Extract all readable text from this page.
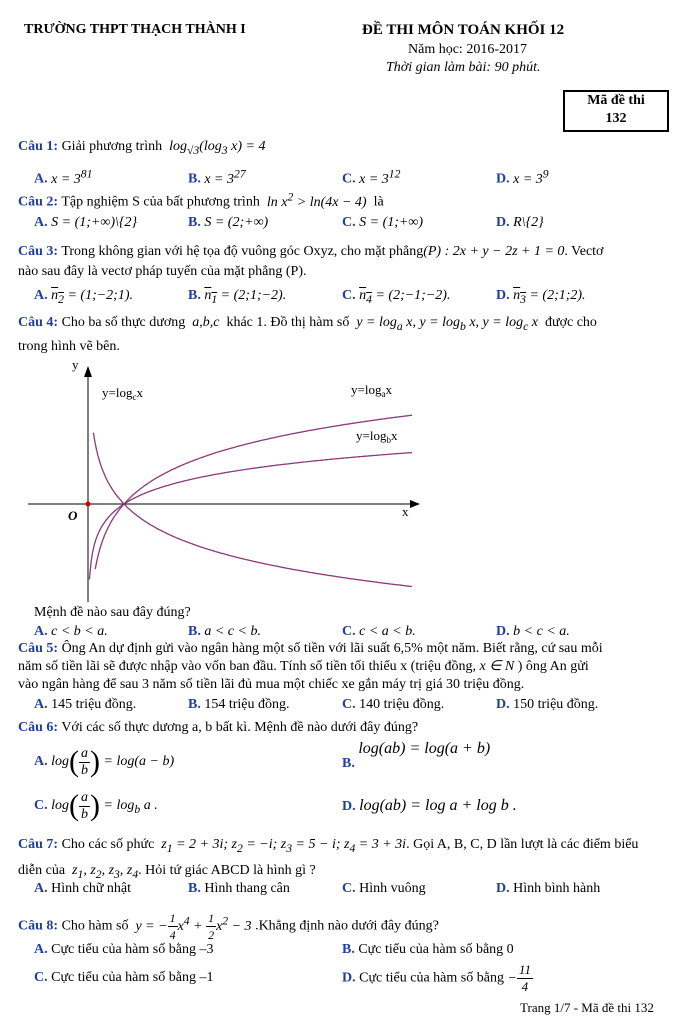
TRƯỜNG THPT THẠCH THÀNH I	ĐỀ THI MÔN TOÁN KHỐI 12
Năm học: 2016-2017
Thời gian làm bài: 90 phút.
Mã đề thi
132
Câu 1: Giải phương trình  $\log_{√3}(\log_3$ x) = 4
A. $x = 3^{81}$	B. $x = 3^{27}$	C. $x = 3^{12}$	D. $x = 3^9$
Câu 2: Tập nghiệm S của bất phương trình  $\ln x^2 > \ln(4x - 4)$  là
A. S = (1;+∞)\{2}	B. S = (2;+∞)	C. S = (1;+∞)	D. R\{2}
Câu 3: Trong không gian với hệ tọa độ vuông góc Oxyz, cho mặt phẳng(P) : 2x + y − 2z + 1 = 0. Vectơ
nào sau đây là vectơ pháp tuyến của mặt phẳng (P).
A. $n_2$ = (1;−2;1).	B. $n_1$ = (2;1;−2).	C. $n_4$ = (2;−1;−2).	D. $n_3$ = (2;1;2).
Câu 4: Cho ba số thực dương  a,b,c  khác 1. Đồ thị hàm số  $y = \log_a x$, $y = \log_b x$, $y = \log_c x$  được cho
trong hình vẽ bên.
y
x
O
$y=\log_cx$	$y=\log_ax$
$y=\log_bx$
Mệnh đề nào sau đây đúng?
A. c < b < a.	B. a < c < b.	C. c < a < b.	D. b < c < a.
Câu 5: Ông An dự định gửi vào ngân hàng một số tiền với lãi suất 6,5% một năm. Biết rằng, cứ sau mỗi
năm số tiền lãi sẽ được nhập vào vốn ban đầu. Tính số tiền tối thiểu x (triệu đồng, x ∈ N ) ông An gửi
vào ngân hàng để sau 3 năm số tiền lãi đủ mua một chiếc xe gắn máy trị giá 30 triệu đồng.
A. 145 triệu đồng.	B. 154 triệu đồng.	C. 140 triệu đồng.	D. 150 triệu đồng.
Câu 6: Với các số thực dương a, b bất kì. Mệnh đề nào dưới đây đúng?
A. $\log( \frac{a}{b}$ ) = log(a − b)	B. log(ab) = log(a + b)
C. $\log( \frac{a}{b}$ ) = $\log_b a$ .	D. log(ab) = log a + log b .
Câu 7: Cho các số phức  $z_1 = 2 + 3i$; $z_2 = -i$; $z_3 = 5 - i$; $z_4 = 3 + 3i$. Gọi A, B, C, D lần lượt là các điểm biểu
diễn của  $z_1$, $z_2$, $z_3$, $z_4$. Hỏi tứ giác ABCD là hình gì ?
A. Hình chữ nhật	B. Hình thang cân	C. Hình vuông	D. Hình bình hành
Câu 8: Cho hàm số  y = − $\frac{1}{4} x^4 + \frac{1}{2} x^2 - 3$ .Khẳng định nào dưới đây đúng?
A. Cực tiểu của hàm số bằng –3	B. Cực tiểu của hàm số bằng 0
C. Cực tiểu của hàm số bằng –1	D. Cực tiểu của hàm số bằng − $\frac{11}{4}$
Trang 1/7 - Mã đề thi 132
